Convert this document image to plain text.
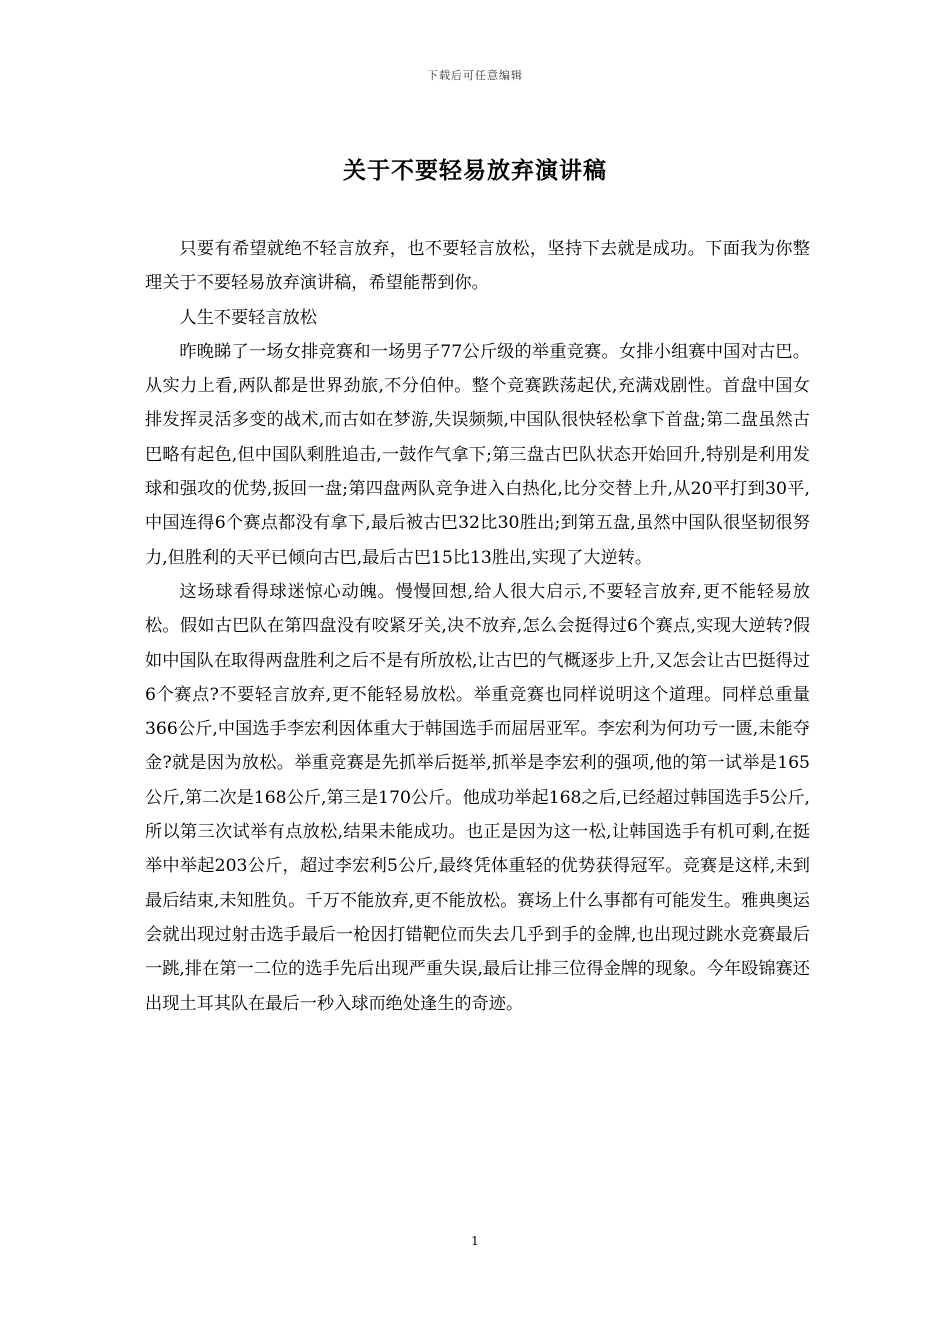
下载后可任意编辑
关于不要轻易放弃演讲稿

只要有希望就绝不轻言放弃，也不要轻言放松，坚持下去就是成功。下面我为你整理关于不要轻易放弃演讲稿，希望能帮到你。

人生不要轻言放松

昨晚睇了一场女排竞赛和一场男子77公斤级的举重竞赛。女排小组赛中国对古巴。从实力上看,两队都是世界劲旅,不分伯仲。整个竞赛跌荡起伏,充满戏剧性。首盘中国女排发挥灵活多变的战术,而古如在梦游,失误频频,中国队很快轻松拿下首盘;第二盘虽然古巴略有起色,但中国队剩胜追击,一鼓作气拿下;第三盘古巴队状态开始回升,特别是利用发球和强攻的优势,扳回一盘;第四盘两队竞争进入白热化,比分交替上升,从20平打到30平,中国连得6个赛点都没有拿下,最后被古巴32比30胜出;到第五盘,虽然中国队很坚韧很努力,但胜利的天平已倾向古巴,最后古巴15比13胜出,实现了大逆转。

这场球看得球迷惊心动魄。慢慢回想,给人很大启示,不要轻言放弃,更不能轻易放松。假如古巴队在第四盘没有咬紧牙关,决不放弃,怎么会挺得过6个赛点,实现大逆转?假如中国队在取得两盘胜利之后不是有所放松,让古巴的气概逐步上升,又怎会让古巴挺得过6个赛点?不要轻言放弃,更不能轻易放松。举重竞赛也同样说明这个道理。同样总重量366公斤,中国选手李宏利因体重大于韩国选手而屈居亚军。李宏利为何功亏一匮,未能夺金?就是因为放松。举重竞赛是先抓举后挺举,抓举是李宏利的强项,他的第一试举是165公斤,第二次是168公斤,第三是170公斤。他成功举起168之后,已经超过韩国选手5公斤,所以第三次试举有点放松,结果未能成功。也正是因为这一松,让韩国选手有机可剩,在挺举中举起203公斤，超过李宏利5公斤,最终凭体重轻的优势获得冠军。竞赛是这样,未到最后结束,未知胜负。千万不能放弃,更不能放松。赛场上什么事都有可能发生。雅典奥运会就出现过射击选手最后一枪因打错靶位而失去几乎到手的金牌,也出现过跳水竞赛最后一跳,排在第一二位的选手先后出现严重失误,最后让排三位得金牌的现象。今年殴锦赛还出现土耳其队在最后一秒入球而绝处逢生的奇迹。

1
